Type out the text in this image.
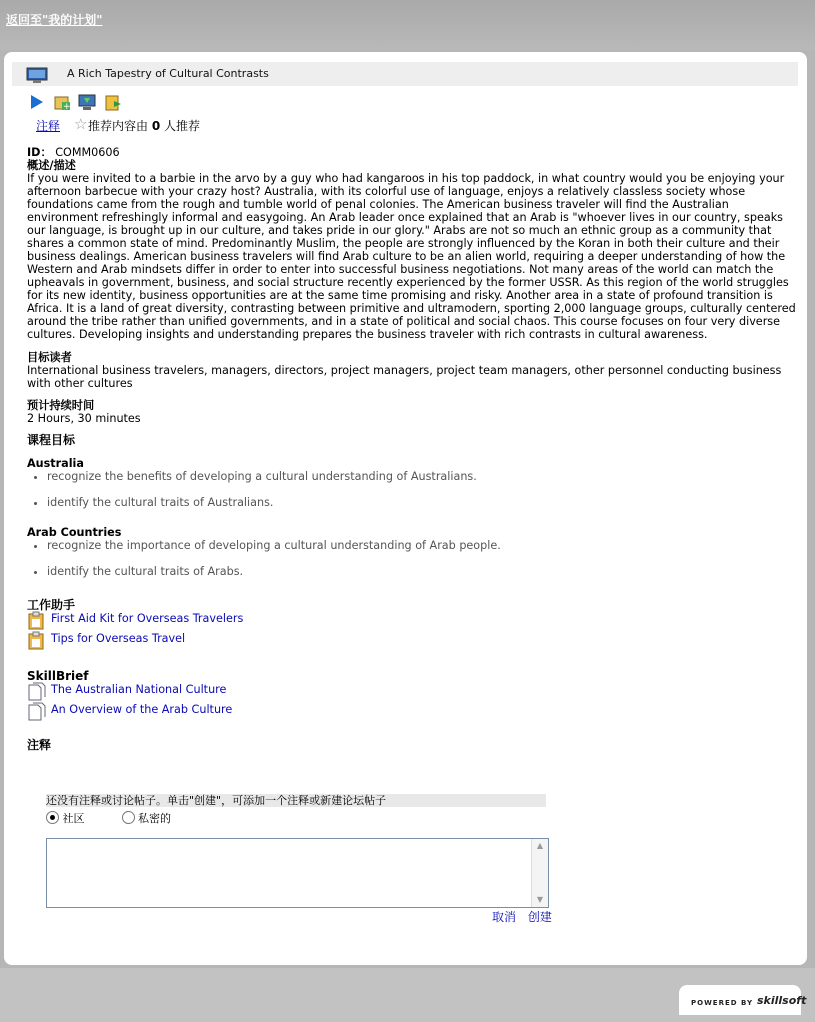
返回至"我的计划"
A Rich Tapestry of Cultural Contrasts
+
注释 ☆ 推荐内容由 0 人推荐
ID： COMM0606
概述/描述

If you were invited to a barbie in the arvo by a guy who had kangaroos in his top paddock, in what country would you be enjoying your afternoon barbecue with your crazy host? Australia, with its colorful use of language, enjoys a relatively classless society whose foundations came from the rough and tumble world of penal colonies. The American business traveler will find the Australian environment refreshingly informal and easygoing. An Arab leader once explained that an Arab is "whoever lives in our country, speaks our language, is brought up in our culture, and takes pride in our glory." Arabs are not so much an ethnic group as a community that shares a common state of mind. Predominantly Muslim, the people are strongly influenced by the Koran in both their culture and their business dealings. American business travelers will find Arab culture to be an alien world, requiring a deeper understanding of how the Western and Arab mindsets differ in order to enter into successful business negotiations. Not many areas of the world can match the upheavals in government, business, and social structure recently experienced by the former USSR. As this region of the world struggles for its new identity, business opportunities are at the same time promising and risky. Another area in a state of profound transition is Africa. It is a land of great diversity, contrasting between primitive and ultramodern, sporting 2,000 language groups, culturally centered around the tribe rather than unified governments, and in a state of political and social chaos. This course focuses on four very diverse cultures. Developing insights and understanding prepares the business traveler with rich contrasts in cultural awareness.

目标读者

International business travelers, managers, directors, project managers, project team managers, other personnel conducting business with other cultures

预计持续时间

2 Hours, 30 minutes

课程目标
Australia
• recognize the benefits of developing a cultural understanding of Australians.
• identify the cultural traits of Australians.
Arab Countries
• recognize the importance of developing a cultural understanding of Arab people.
• identify the cultural traits of Arabs.
工作助手
First Aid Kit for Overseas Travelers
Tips for Overseas Travel
SkillBrief
The Australian National Culture
An Overview of the Arab Culture
注释
还没有注释或讨论帖子。单击"创建"，可添加一个注释或新建论坛帖子
社区	私密的
▲
▼
取消 创建
POWERED BY skillsoft
